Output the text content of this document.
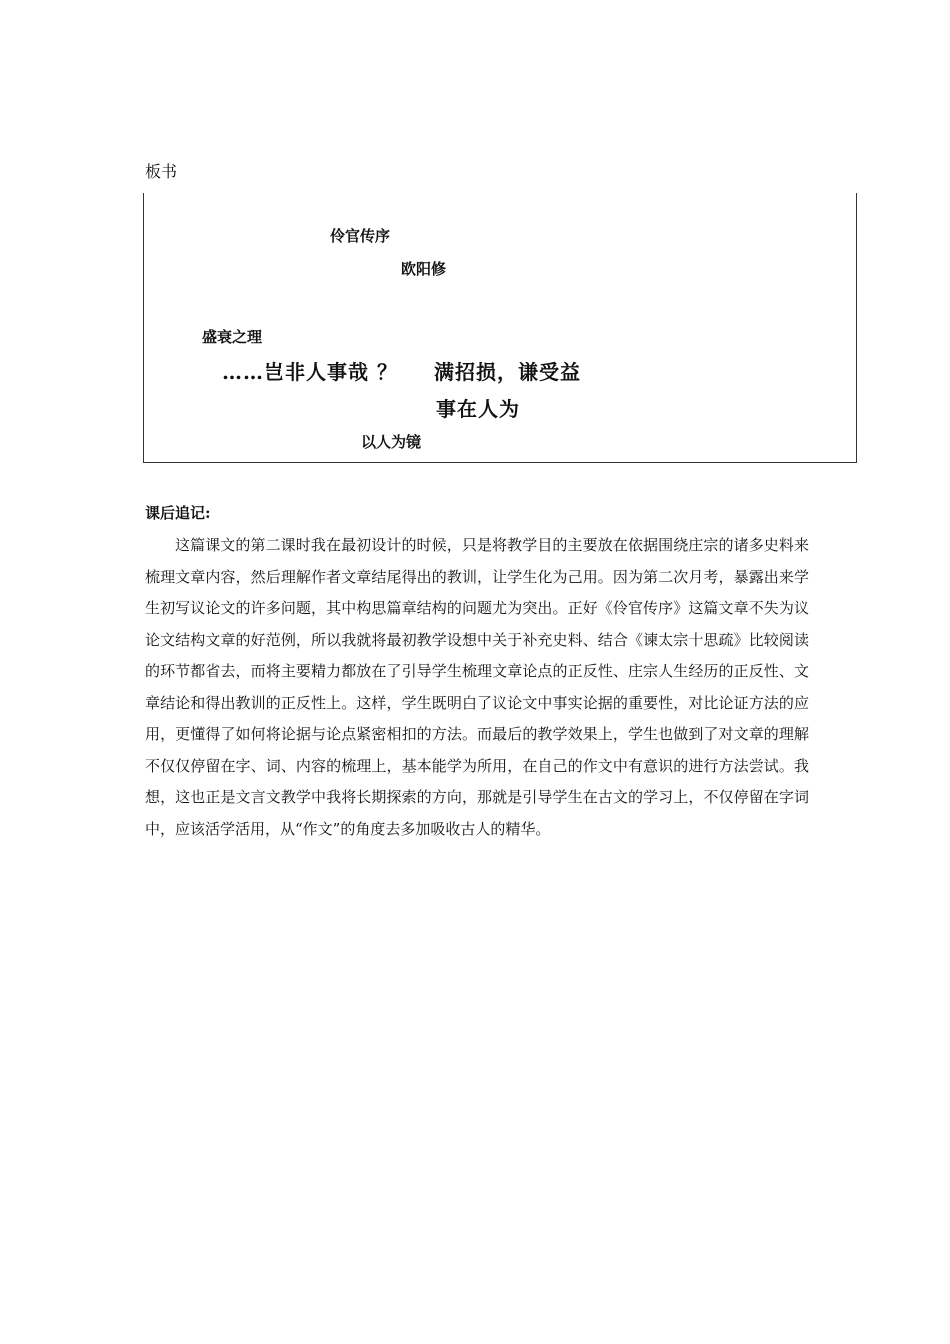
板书
伶官传序
欧阳修
盛衰之理
……岂非人事哉 ？ 满招损，谦受益
事在人为
以人为镜
课后追记:

这篇课文的第二课时我在最初设计的时候，只是将教学目的主要放在依据围绕庄宗的诸多史料来梳理文章内容，然后理解作者文章结尾得出的教训，让学生化为己用。因为第二次月考，暴露出来学生初写议论文的许多问题，其中构思篇章结构的问题尤为突出。正好《伶官传序》这篇文章不失为议论文结构文章的好范例，所以我就将最初教学设想中关于补充史料、结合《谏太宗十思疏》比较阅读的环节都省去，而将主要精力都放在了引导学生梳理文章论点的正反性、庄宗人生经历的正反性、文章结论和得出教训的正反性上。这样，学生既明白了议论文中事实论据的重要性，对比论证方法的应用，更懂得了如何将论据与论点紧密相扣的方法。而最后的教学效果上，学生也做到了对文章的理解不仅仅停留在字、词、内容的梳理上，基本能学为所用，在自己的作文中有意识的进行方法尝试。我想，这也正是文言文教学中我将长期探索的方向，那就是引导学生在古文的学习上，不仅停留在字词中，应该活学活用，从“作文”的角度去多加吸收古人的精华。
